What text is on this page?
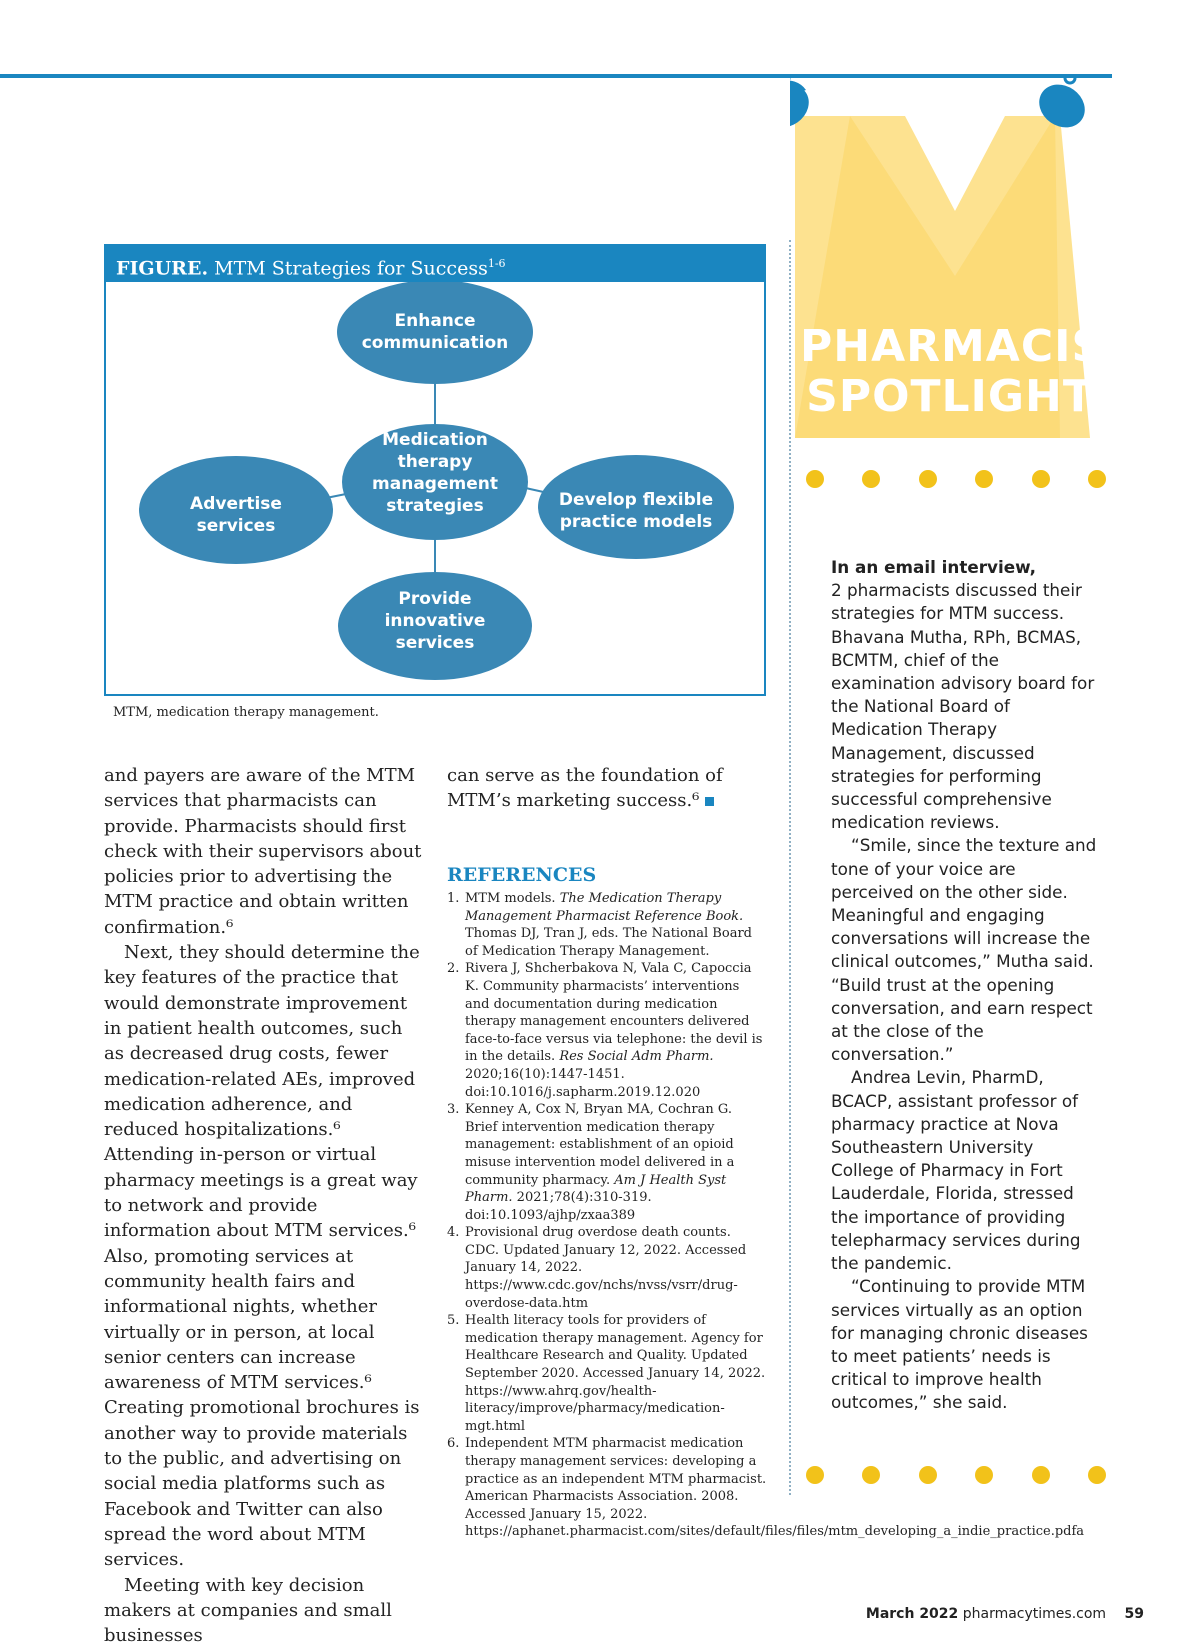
PHARMACIST
SPOTLIGHT
FIGURE. MTM Strategies for Success$^{1-6}$
Enhance
communication
Medication
therapy
management
strategies
Advertise
services
Develop flexible
practice models
Provide
innovative
services
MTM, medication therapy management.

and payers are aware of the MTM services that pharmacists can provide. Pharmacists should first check with their supervisors about policies prior to advertising the MTM practice and obtain written confirmation.⁶

Next, they should determine the key features of the practice that would demonstrate improvement in patient health outcomes, such as decreased drug costs, fewer medication-related AEs, improved medication adherence, and reduced hospitalizations.⁶ Attending in-person or virtual pharmacy meetings is a great way to network and provide information about MTM services.⁶ Also, promoting services at community health fairs and informational nights, whether virtually or in person, at local senior centers can increase awareness of MTM services.⁶ Creating promotional brochures is another way to provide materials to the public, and advertising on social media platforms such as Facebook and Twitter can also spread the word about MTM services.

Meeting with key decision makers at companies and small businesses

can serve as the foundation of MTM’s marketing success.⁶

REFERENCES
1. MTM models. The Medication Therapy Management Pharmacist Reference Book. Thomas DJ, Tran J, eds. The National Board of Medication Therapy Management.
2. Rivera J, Shcherbakova N, Vala C, Capoccia K. Community pharmacists’ interventions and documentation during medication therapy management encounters delivered face-to-face versus via telephone: the devil is in the details. Res Social Adm Pharm. 2020;16(10):1447-1451. doi:10.1016/j.sapharm.2019.12.020
3. Kenney A, Cox N, Bryan MA, Cochran G. Brief intervention medication therapy management: establishment of an opioid misuse intervention model delivered in a community pharmacy. Am J Health Syst Pharm. 2021;78(4):310-319. doi:10.1093/ajhp/zxaa389
4. Provisional drug overdose death counts. CDC. Updated January 12, 2022. Accessed January 14, 2022. https://www.cdc.gov/nchs/nvss/vsrr/drug-overdose-data.htm
5. Health literacy tools for providers of medication therapy management. Agency for Healthcare Research and Quality. Updated September 2020. Accessed January 14, 2022. https://www.ahrq.gov/health-literacy/improve/pharmacy/medication-mgt.html
6. Independent MTM pharmacist medication therapy management services: developing a practice as an independent MTM pharmacist. American Pharmacists Association. 2008. Accessed January 15, 2022. https://aphanet.pharmacist.com/sites/default/files/files/mtm_developing_a_indie_practice.pdfa

In an email interview,
2 pharmacists discussed their strategies for MTM success. Bhavana Mutha, RPh, BCMAS, BCMTM, chief of the examination advisory board for the National Board of Medication Therapy Management, discussed strategies for performing successful comprehensive medication reviews.

“Smile, since the texture and tone of your voice are perceived on the other side. Meaningful and engaging conversations will increase the clinical outcomes,” Mutha said. “Build trust at the opening conversation, and earn respect at the close of the conversation.”

Andrea Levin, PharmD, BCACP, assistant professor of pharmacy practice at Nova Southeastern University College of Pharmacy in Fort Lauderdale, Florida, stressed the importance of providing telepharmacy services during the pandemic.

“Continuing to provide MTM services virtually as an option for managing chronic diseases to meet patients’ needs is critical to improve health outcomes,” she said.

March 2022 pharmacytimes.com 59
